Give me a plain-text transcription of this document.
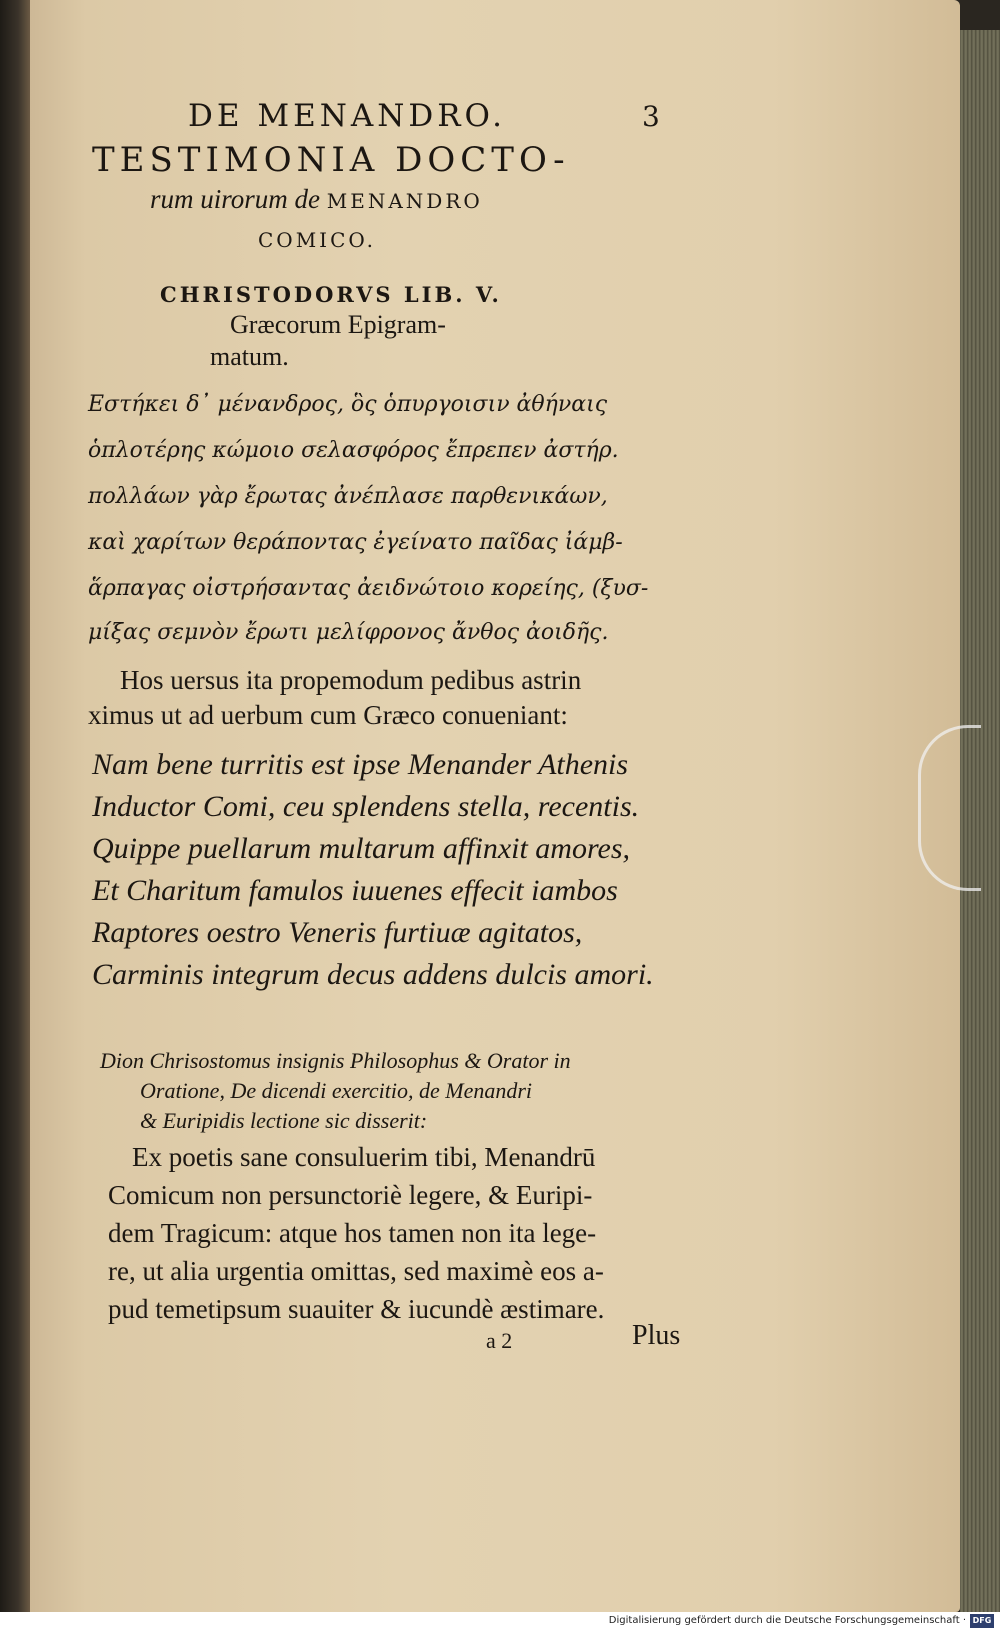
DE MENANDRO.	3
TESTIMONIA DOCTO-
rum uirorum de MENANDRO
COMICO.
CHRISTODORVS LIB. V.
Græcorum Epigram-
matum.
Εστήκει δ᾽ μένανδρος, ὃς ὁπυργοισιν ἀθήναις
ὁπλοτέρης κώμοιο σελασφόρος ἔπρεπεν ἀστήρ.
πολλάων γὰρ ἔρωτας ἀνέπλασε παρθενικάων,
καὶ χαρίτων θεράποντας ἐγείνατο παῖδας ἰάμβ-
ἅρπαγας οἰστρήσαντας ἀειδνώτοιο κορείης, (ξυσ-
μίξας σεμνὸν ἔρωτι μελίφρονος ἄνθος ἀοιδῆς.
Hos uersus ita propemodum pedibus astrin
ximus ut ad uerbum cum Græco conueniant:
Nam bene turritis est ipse Menander Athenis
Inductor Comi, ceu splendens stella, recentis.
Quippe puellarum multarum affinxit amores,
Et Charitum famulos iuuenes effecit iambos
Raptores oestro Veneris furtiuæ agitatos,
Carminis integrum decus addens dulcis amori.
Dion Chrisostomus insignis Philosophus & Orator in
Oratione, De dicendi exercitio, de Menandri
& Euripidis lectione sic disserit:
Ex poetis sane consuluerim tibi, Menandrū
Comicum non persunctoriè legere, & Euripi-
dem Tragicum: atque hos tamen non ita lege-
re, ut alia urgentia omittas, sed maximè eos a-
pud temetipsum suauiter & iucundè æstimare.
a 2	Plus
Digitalisierung gefördert durch die Deutsche Forschungsgemeinschaft · DFG
